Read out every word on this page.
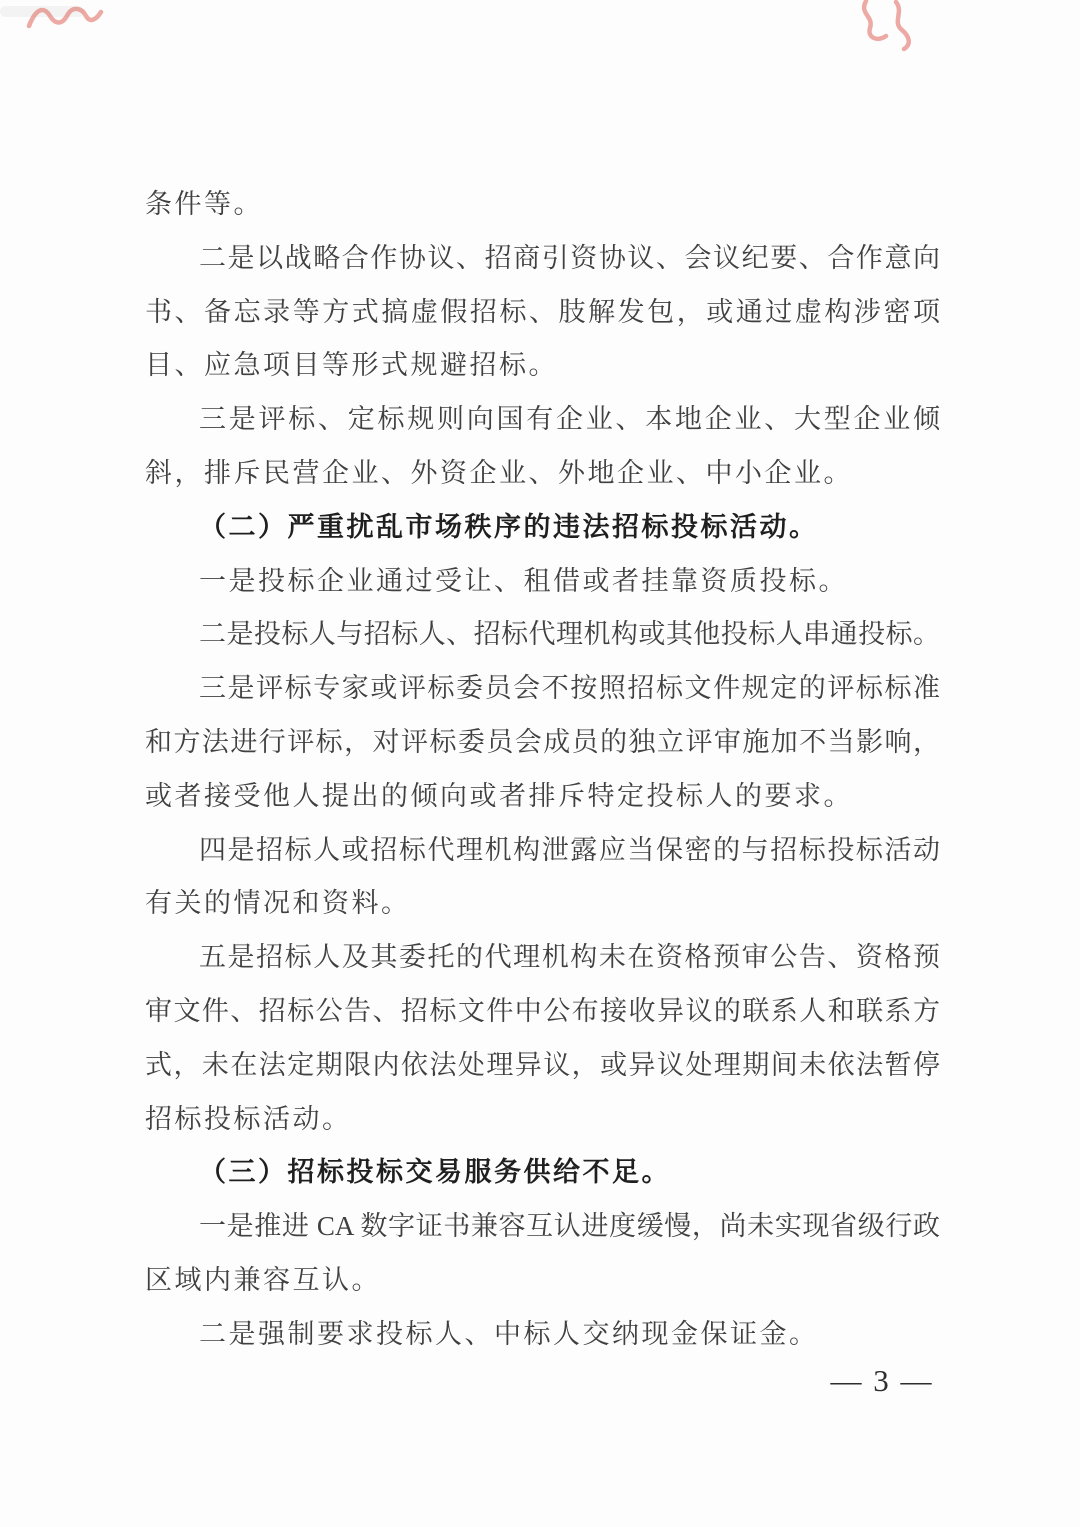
条件等。
二是以战略合作协议、招商引资协议、会议纪要、合作意向
书、备忘录等方式搞虚假招标、肢解发包，或通过虚构涉密项
目、应急项目等形式规避招标。
三是评标、定标规则向国有企业、本地企业、大型企业倾
斜，排斥民营企业、外资企业、外地企业、中小企业。
（二）严重扰乱市场秩序的违法招标投标活动。
一是投标企业通过受让、租借或者挂靠资质投标。
二是投标人与招标人、招标代理机构或其他投标人串通投标。
三是评标专家或评标委员会不按照招标文件规定的评标标准
和方法进行评标，对评标委员会成员的独立评审施加不当影响，
或者接受他人提出的倾向或者排斥特定投标人的要求。
四是招标人或招标代理机构泄露应当保密的与招标投标活动
有关的情况和资料。
五是招标人及其委托的代理机构未在资格预审公告、资格预
审文件、招标公告、招标文件中公布接收异议的联系人和联系方
式，未在法定期限内依法处理异议，或异议处理期间未依法暂停
招标投标活动。
（三）招标投标交易服务供给不足。
一是推进 CA 数字证书兼容互认进度缓慢，尚未实现省级行政
区域内兼容互认。
二是强制要求投标人、中标人交纳现金保证金。
— 3 —
